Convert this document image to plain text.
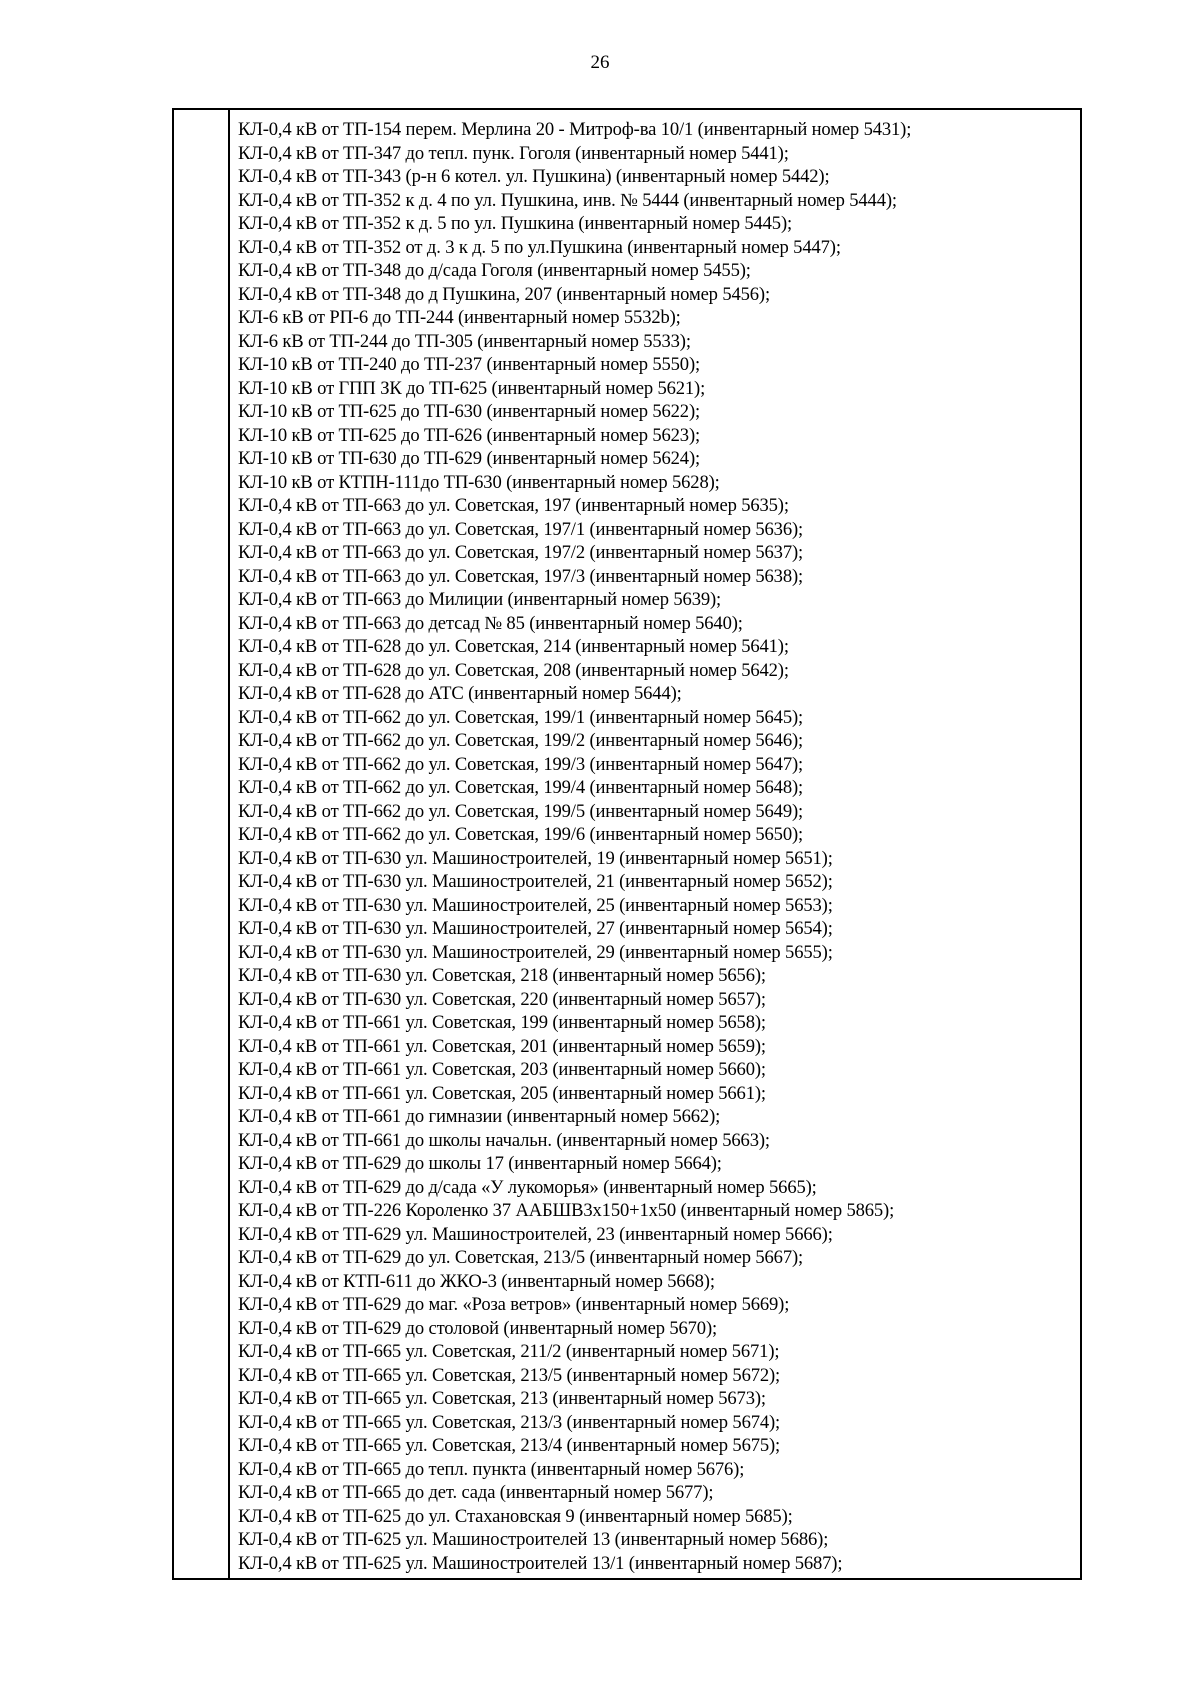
26
КЛ-0,4 кВ от ТП-154 перем. Мерлина 20 - Митроф-ва 10/1 (инвентарный номер 5431);
КЛ-0,4 кВ от ТП-347 до тепл. пунк. Гоголя (инвентарный номер 5441);
КЛ-0,4 кВ от ТП-343 (р-н 6 котел. ул. Пушкина) (инвентарный номер 5442);
КЛ-0,4 кВ от ТП-352 к д. 4 по ул. Пушкина, инв. № 5444 (инвентарный номер 5444);
КЛ-0,4 кВ от ТП-352 к д. 5 по ул. Пушкина (инвентарный номер 5445);
КЛ-0,4 кВ от ТП-352 от д. 3 к д. 5 по ул.Пушкина (инвентарный номер 5447);
КЛ-0,4 кВ от ТП-348 до д/сада Гоголя (инвентарный номер 5455);
КЛ-0,4 кВ от ТП-348 до д Пушкина, 207 (инвентарный номер 5456);
КЛ-6 кВ от РП-6 до ТП-244 (инвентарный номер 5532b);
КЛ-6 кВ от ТП-244 до ТП-305 (инвентарный номер 5533);
КЛ-10 кВ от ТП-240 до ТП-237 (инвентарный номер 5550);
КЛ-10 кВ от ГПП ЗК до ТП-625 (инвентарный номер 5621);
КЛ-10 кВ от ТП-625 до ТП-630 (инвентарный номер 5622);
КЛ-10 кВ от ТП-625 до ТП-626 (инвентарный номер 5623);
КЛ-10 кВ от ТП-630 до ТП-629 (инвентарный номер 5624);
КЛ-10 кВ от КТПН-111до ТП-630 (инвентарный номер 5628);
КЛ-0,4 кВ от ТП-663 до ул. Советская, 197 (инвентарный номер 5635);
КЛ-0,4 кВ от ТП-663 до ул. Советская, 197/1 (инвентарный номер 5636);
КЛ-0,4 кВ от ТП-663 до ул. Советская, 197/2 (инвентарный номер 5637);
КЛ-0,4 кВ от ТП-663 до ул. Советская, 197/3 (инвентарный номер 5638);
КЛ-0,4 кВ от ТП-663 до Милиции (инвентарный номер 5639);
КЛ-0,4 кВ от ТП-663 до детсад № 85 (инвентарный номер 5640);
КЛ-0,4 кВ от ТП-628 до ул. Советская, 214 (инвентарный номер 5641);
КЛ-0,4 кВ от ТП-628 до ул. Советская, 208 (инвентарный номер 5642);
КЛ-0,4 кВ от ТП-628 до АТС (инвентарный номер 5644);
КЛ-0,4 кВ от ТП-662 до ул. Советская, 199/1 (инвентарный номер 5645);
КЛ-0,4 кВ от ТП-662 до ул. Советская, 199/2 (инвентарный номер 5646);
КЛ-0,4 кВ от ТП-662 до ул. Советская, 199/3 (инвентарный номер 5647);
КЛ-0,4 кВ от ТП-662 до ул. Советская, 199/4 (инвентарный номер 5648);
КЛ-0,4 кВ от ТП-662 до ул. Советская, 199/5 (инвентарный номер 5649);
КЛ-0,4 кВ от ТП-662 до ул. Советская, 199/6 (инвентарный номер 5650);
КЛ-0,4 кВ от ТП-630 ул. Машиностроителей, 19 (инвентарный номер 5651);
КЛ-0,4 кВ от ТП-630 ул. Машиностроителей, 21 (инвентарный номер 5652);
КЛ-0,4 кВ от ТП-630 ул. Машиностроителей, 25 (инвентарный номер 5653);
КЛ-0,4 кВ от ТП-630 ул. Машиностроителей, 27 (инвентарный номер 5654);
КЛ-0,4 кВ от ТП-630 ул. Машиностроителей, 29 (инвентарный номер 5655);
КЛ-0,4 кВ от ТП-630 ул. Советская, 218 (инвентарный номер 5656);
КЛ-0,4 кВ от ТП-630 ул. Советская, 220 (инвентарный номер 5657);
КЛ-0,4 кВ от ТП-661 ул. Советская, 199 (инвентарный номер 5658);
КЛ-0,4 кВ от ТП-661 ул. Советская, 201 (инвентарный номер 5659);
КЛ-0,4 кВ от ТП-661 ул. Советская, 203 (инвентарный номер 5660);
КЛ-0,4 кВ от ТП-661 ул. Советская, 205 (инвентарный номер 5661);
КЛ-0,4 кВ от ТП-661 до гимназии (инвентарный номер 5662);
КЛ-0,4 кВ от ТП-661 до школы начальн. (инвентарный номер 5663);
КЛ-0,4 кВ от ТП-629 до школы 17 (инвентарный номер 5664);
КЛ-0,4 кВ от ТП-629 до д/сада «У лукоморья» (инвентарный номер 5665);
КЛ-0,4 кВ от ТП-226 Короленко 37 ААБШВ3х150+1х50 (инвентарный номер 5865);
КЛ-0,4 кВ от ТП-629 ул. Машиностроителей, 23 (инвентарный номер 5666);
КЛ-0,4 кВ от ТП-629 до ул. Советская, 213/5 (инвентарный номер 5667);
КЛ-0,4 кВ от КТП-611 до ЖКО-3 (инвентарный номер 5668);
КЛ-0,4 кВ от ТП-629 до маг. «Роза ветров» (инвентарный номер 5669);
КЛ-0,4 кВ от ТП-629 до столовой (инвентарный номер 5670);
КЛ-0,4 кВ от ТП-665 ул. Советская, 211/2 (инвентарный номер 5671);
КЛ-0,4 кВ от ТП-665 ул. Советская, 213/5 (инвентарный номер 5672);
КЛ-0,4 кВ от ТП-665 ул. Советская, 213 (инвентарный номер 5673);
КЛ-0,4 кВ от ТП-665 ул. Советская, 213/3 (инвентарный номер 5674);
КЛ-0,4 кВ от ТП-665 ул. Советская, 213/4 (инвентарный номер 5675);
КЛ-0,4 кВ от ТП-665 до тепл. пункта (инвентарный номер 5676);
КЛ-0,4 кВ от ТП-665 до дет. сада (инвентарный номер 5677);
КЛ-0,4 кВ от ТП-625 до ул. Стахановская 9 (инвентарный номер 5685);
КЛ-0,4 кВ от ТП-625 ул. Машиностроителей 13 (инвентарный номер 5686);
КЛ-0,4 кВ от ТП-625 ул. Машиностроителей 13/1 (инвентарный номер 5687);
